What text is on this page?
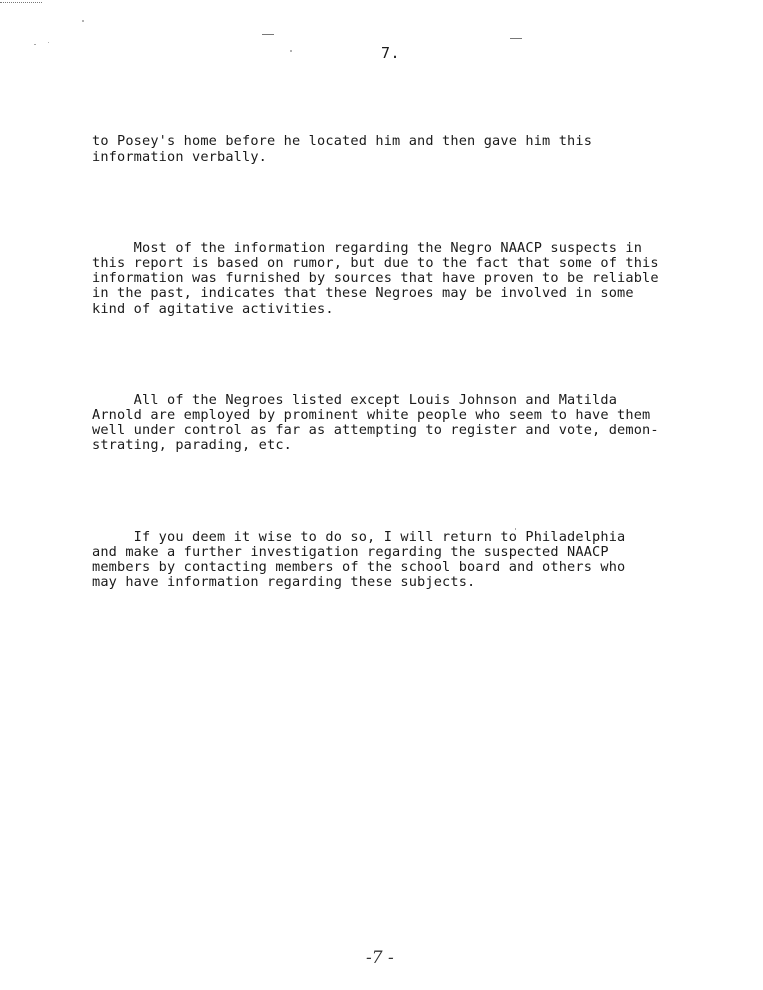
7.

to Posey's home before he located him and then gave him this
information verbally.

Most of the information regarding the Negro NAACP suspects in
this report is based on rumor, but due to the fact that some of this
information was furnished by sources that have proven to be reliable
in the past, indicates that these Negroes may be involved in some
kind of agitative activities.

All of the Negroes listed except Louis Johnson and Matilda
Arnold are employed by prominent white people who seem to have them
well under control as far as attempting to register and vote, demon-
strating, parading, etc.

If you deem it wise to do so, I will return to Philadelphia
and make a further investigation regarding the suspected NAACP
members by contacting members of the school board and others who
may have information regarding these subjects.

-7 -
